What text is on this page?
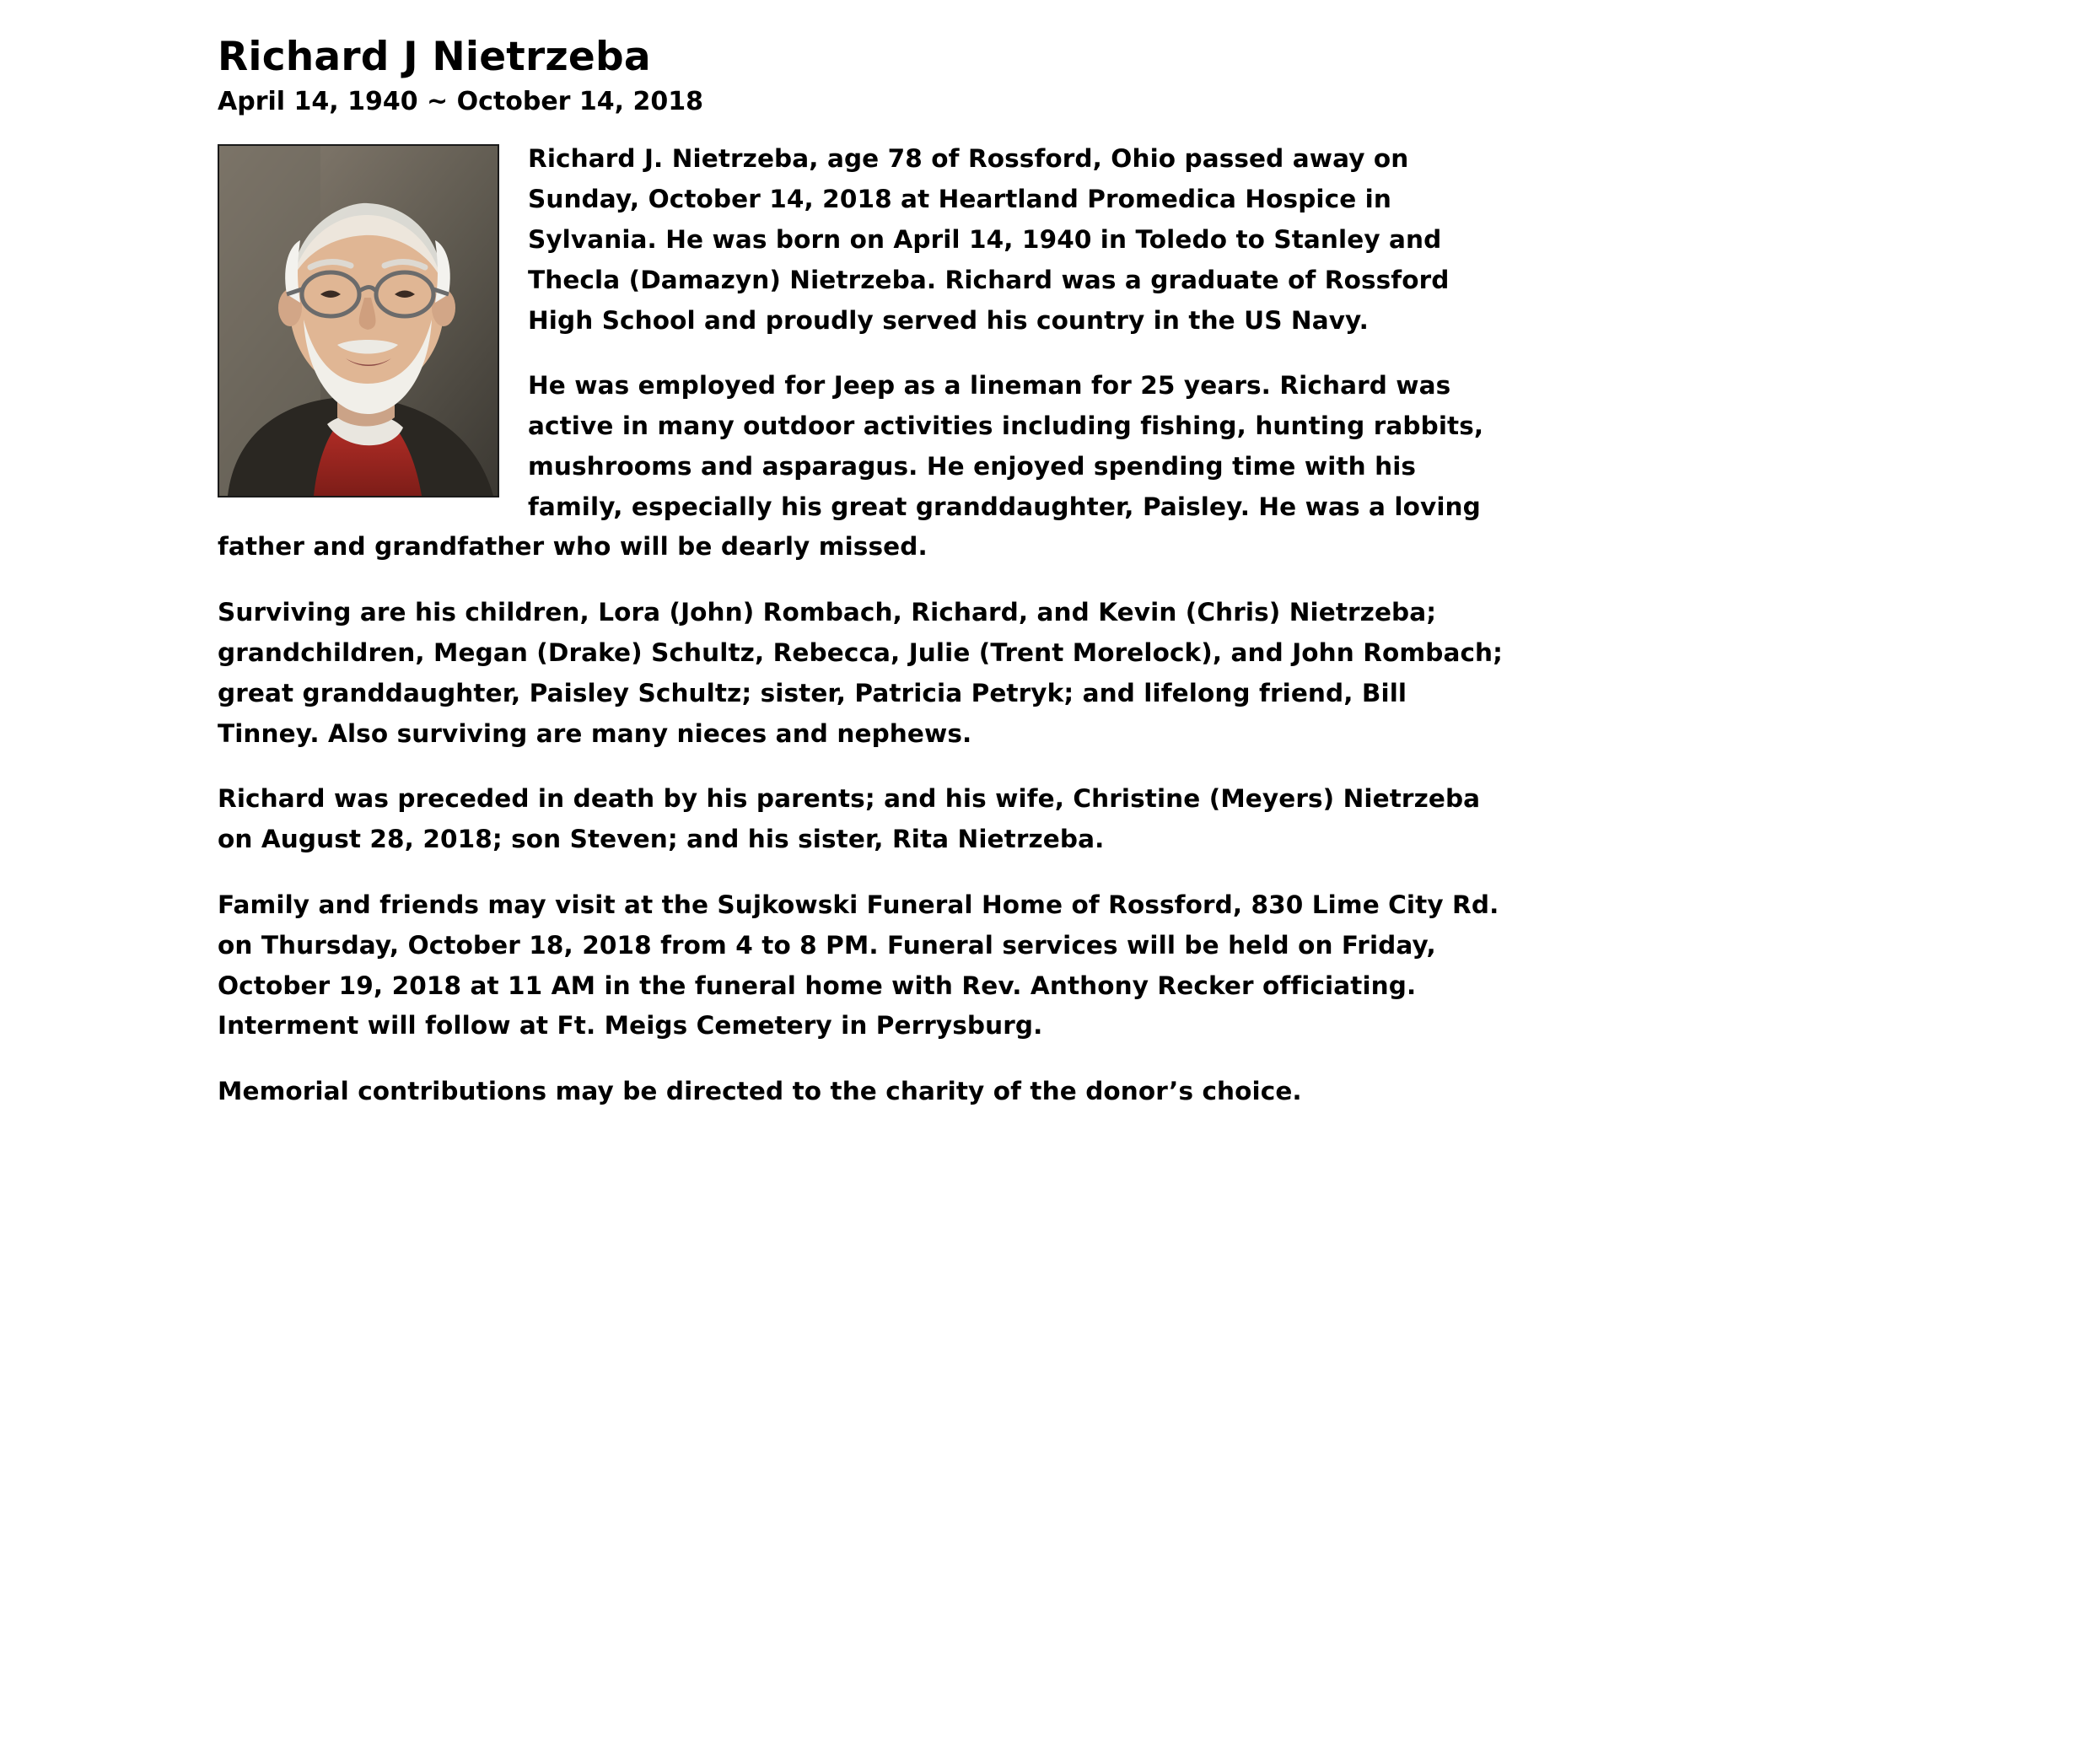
Richard J Nietrzeba
April 14, 1940 ~ October 14, 2018

Richard J. Nietrzeba, age 78 of Rossford, Ohio passed away on Sunday, October 14, 2018 at Heartland Promedica Hospice in Sylvania. He was born on April 14, 1940 in Toledo to Stanley and Thecla (Damazyn) Nietrzeba. Richard was a graduate of Rossford High School and proudly served his country in the US Navy.

He was employed for Jeep as a lineman for 25 years. Richard was active in many outdoor activities including fishing, hunting rabbits, mushrooms and asparagus. He enjoyed spending time with his family, especially his great granddaughter, Paisley. He was a loving father and grandfather who will be dearly missed.

Surviving are his children, Lora (John) Rombach, Richard, and Kevin (Chris) Nietrzeba; grandchildren, Megan (Drake) Schultz, Rebecca, Julie (Trent Morelock), and John Rombach; great granddaughter, Paisley Schultz; sister, Patricia Petryk; and lifelong friend, Bill Tinney. Also surviving are many nieces and nephews.

Richard was preceded in death by his parents; and his wife, Christine (Meyers) Nietrzeba on August 28, 2018; son Steven; and his sister, Rita Nietrzeba.

Family and friends may visit at the Sujkowski Funeral Home of Rossford, 830 Lime City Rd. on Thursday, October 18, 2018 from 4 to 8 PM. Funeral services will be held on Friday, October 19, 2018 at 11 AM in the funeral home with Rev. Anthony Recker officiating. Interment will follow at Ft. Meigs Cemetery in Perrysburg.

Memorial contributions may be directed to the charity of the donor’s choice.
